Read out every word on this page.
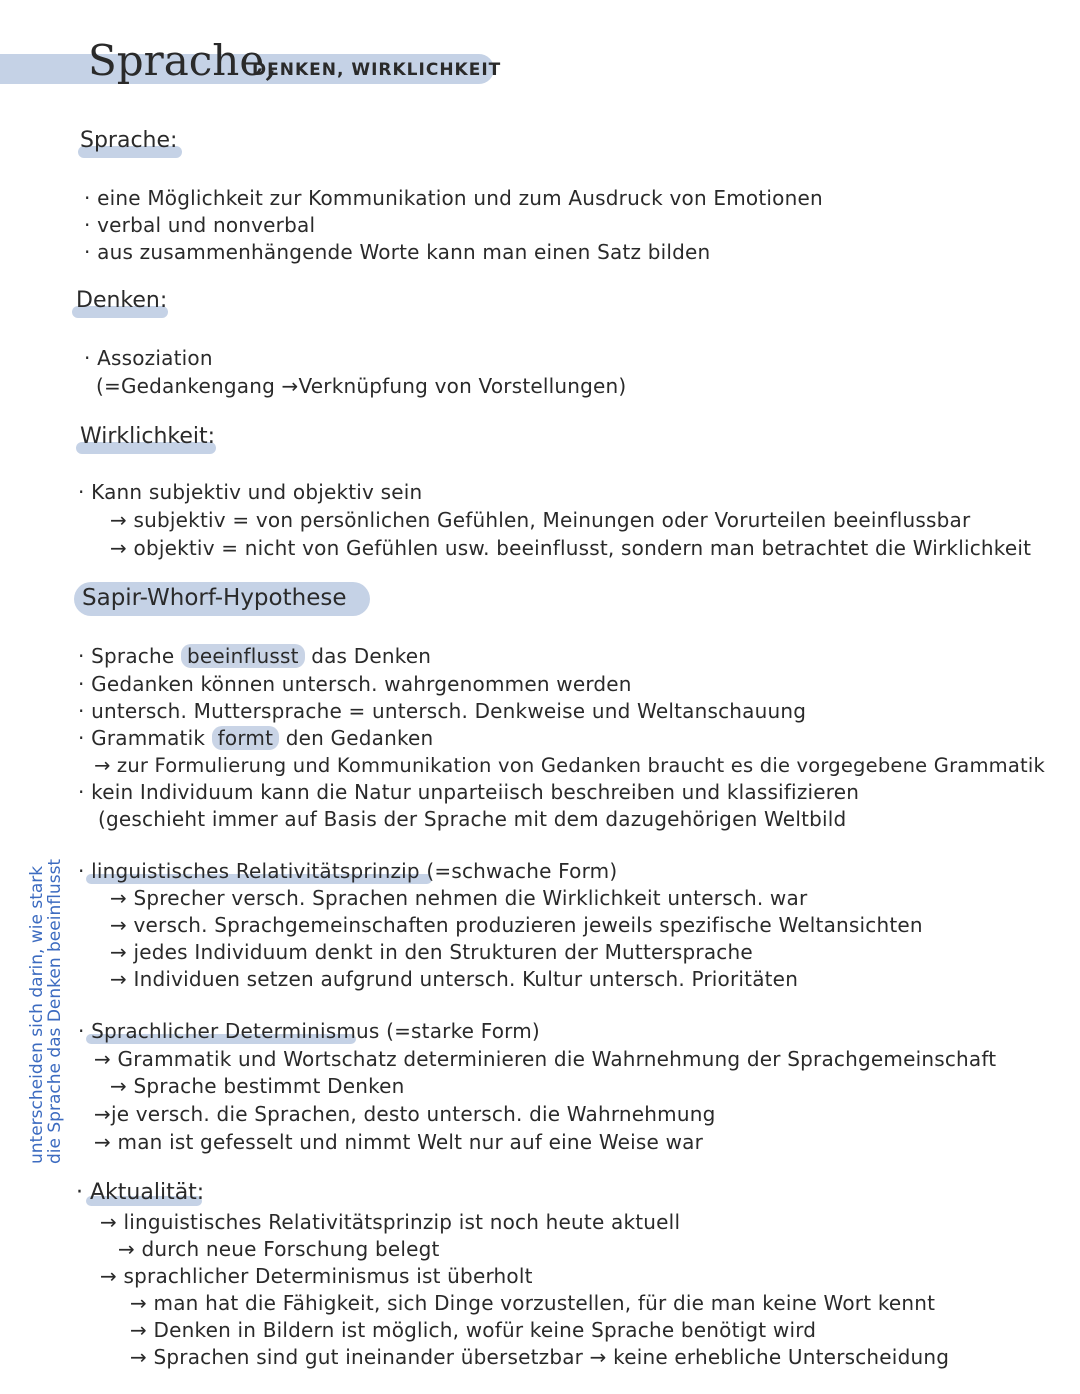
Sprache,
DENKEN, WIRKLICHKEIT
Sprache:
· eine Möglichkeit zur Kommunikation und zum Ausdruck von Emotionen
· verbal und nonverbal
· aus zusammenhängende Worte kann man einen Satz bilden
Denken:
· Assoziation
(=Gedankengang →Verknüpfung von Vorstellungen)
Wirklichkeit:
· Kann subjektiv und objektiv sein
→ subjektiv = von persönlichen Gefühlen, Meinungen oder Vorurteilen beeinflussbar
→ objektiv = nicht von Gefühlen usw. beeinflusst, sondern man betrachtet die Wirklichkeit
Sapir-Whorf-Hypothese
· Sprache beeinflusst das Denken
· Gedanken können untersch. wahrgenommen werden
· untersch. Muttersprache = untersch. Denkweise und Weltanschauung
· Grammatik formt den Gedanken
→ zur Formulierung und Kommunikation von Gedanken braucht es die vorgegebene Grammatik
· kein Individuum kann die Natur unparteiisch beschreiben und klassifizieren
(geschieht immer auf Basis der Sprache mit dem dazugehörigen Weltbild
· linguistisches Relativitätsprinzip (=schwache Form)
→ Sprecher versch. Sprachen nehmen die Wirklichkeit untersch. war
→ versch. Sprachgemeinschaften produzieren jeweils spezifische Weltansichten
→ jedes Individuum denkt in den Strukturen der Muttersprache
→ Individuen setzen aufgrund untersch. Kultur untersch. Prioritäten
· Sprachlicher Determinismus (=starke Form)
→ Grammatik und Wortschatz determinieren die Wahrnehmung der Sprachgemeinschaft
→ Sprache bestimmt Denken
→je versch. die Sprachen, desto untersch. die Wahrnehmung
→ man ist gefesselt und nimmt Welt nur auf eine Weise war
· Aktualität:
→ linguistisches Relativitätsprinzip ist noch heute aktuell
→ durch neue Forschung belegt
→ sprachlicher Determinismus ist überholt
→ man hat die Fähigkeit, sich Dinge vorzustellen, für die man keine Wort kennt
→ Denken in Bildern ist möglich, wofür keine Sprache benötigt wird
→ Sprachen sind gut ineinander übersetzbar → keine erhebliche Unterscheidung
unterscheiden sich darin, wie stark
die Sprache das Denken beeinflusst
